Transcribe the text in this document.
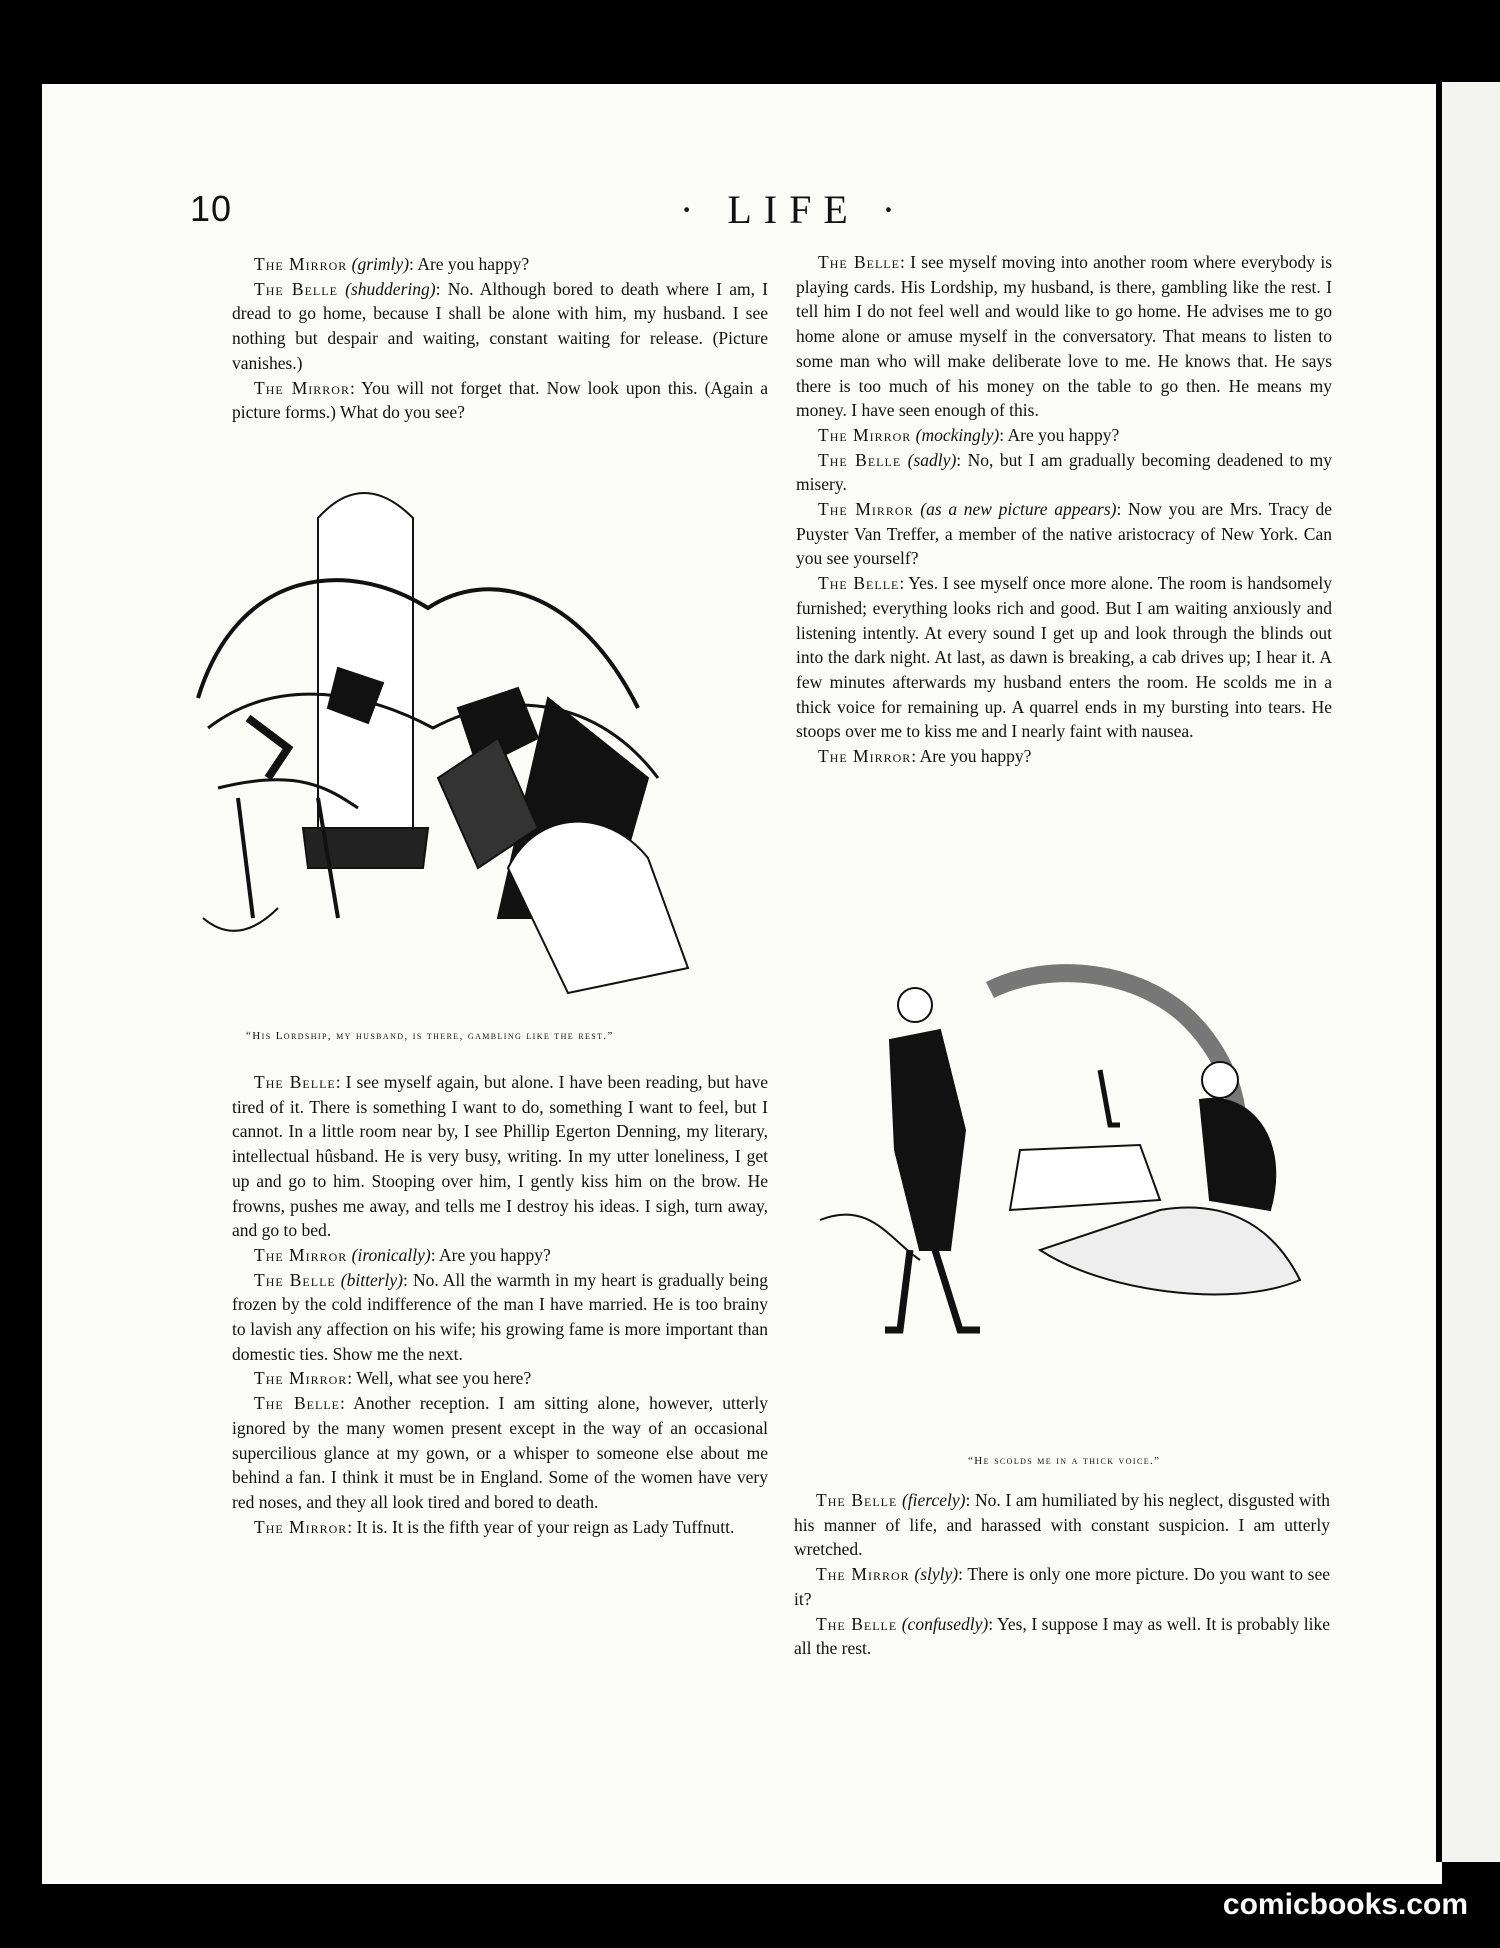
10	· LIFE ·

The Mirror (grimly): Are you happy?

The Belle (shuddering): No. Although bored to death where I am, I dread to go home, because I shall be alone with him, my husband. I see nothing but despair and waiting, constant waiting for release. (Picture vanishes.)

The Mirror: You will not forget that. Now look upon this. (Again a picture forms.) What do you see?

The Belle: I see myself moving into another room where everybody is playing cards. His Lordship, my husband, is there, gambling like the rest. I tell him I do not feel well and would like to go home. He advises me to go home alone or amuse myself in the conversatory. That means to listen to some man who will make deliberate love to me. He knows that. He says there is too much of his money on the table to go then. He means my money. I have seen enough of this.

The Mirror (mockingly): Are you happy?

The Belle (sadly): No, but I am gradually becoming deadened to my misery.

The Mirror (as a new picture appears): Now you are Mrs. Tracy de Puyster Van Treffer, a member of the native aristocracy of New York. Can you see yourself?

The Belle: Yes. I see myself once more alone. The room is handsomely furnished; everything looks rich and good. But I am waiting anxiously and listening intently. At every sound I get up and look through the blinds out into the dark night. At last, as dawn is breaking, a cab drives up; I hear it. A few minutes afterwards my husband enters the room. He scolds me in a thick voice for remaining up. A quarrel ends in my bursting into tears. He stoops over me to kiss me and I nearly faint with nausea.

The Mirror: Are you happy?

“His Lordship, my husband, is there, gambling like the rest.”

The Belle: I see myself again, but alone. I have been reading, but have tired of it. There is something I want to do, something I want to feel, but I cannot. In a little room near by, I see Phillip Egerton Denning, my literary, intellectual hûsband. He is very busy, writing. In my utter loneliness, I get up and go to him. Stooping over him, I gently kiss him on the brow. He frowns, pushes me away, and tells me I destroy his ideas. I sigh, turn away, and go to bed.

The Mirror (ironically): Are you happy?

The Belle (bitterly): No. All the warmth in my heart is gradually being frozen by the cold indifference of the man I have married. He is too brainy to lavish any affection on his wife; his growing fame is more important than domestic ties. Show me the next.

The Mirror: Well, what see you here?

The Belle: Another reception. I am sitting alone, however, utterly ignored by the many women present except in the way of an occasional supercilious glance at my gown, or a whisper to someone else about me behind a fan. I think it must be in England. Some of the women have very red noses, and they all look tired and bored to death.

The Mirror: It is. It is the fifth year of your reign as Lady Tuffnutt.

“He scolds me in a thick voice.”

The Belle (fiercely): No. I am humiliated by his neglect, disgusted with his manner of life, and harassed with constant suspicion. I am utterly wretched.

The Mirror (slyly): There is only one more picture. Do you want to see it?

The Belle (confusedly): Yes, I suppose I may as well. It is probably like all the rest.

comicbooks.com
